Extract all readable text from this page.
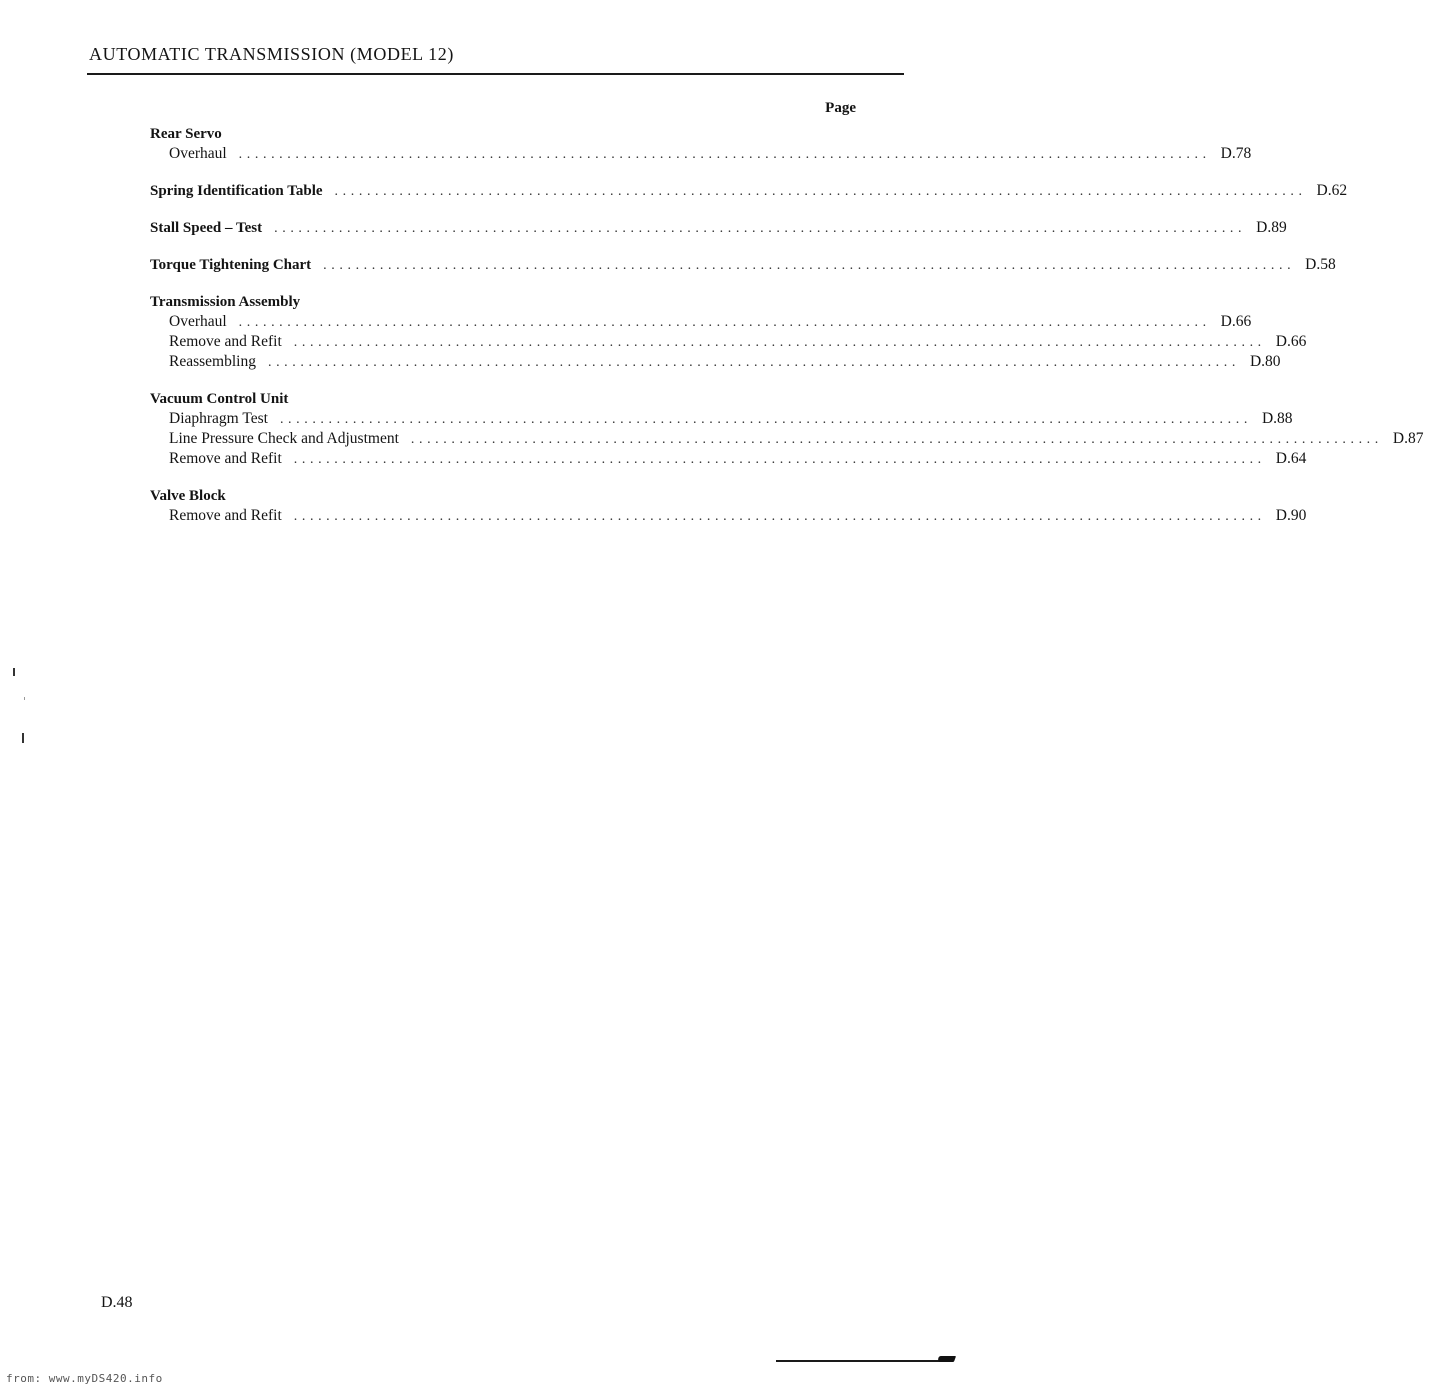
AUTOMATIC TRANSMISSION (MODEL 12)
Page
Rear Servo
Overhaul ........................................................................................................................ D.78
Spring Identification Table ........................................................................................................................ D.62
Stall Speed – Test ........................................................................................................................ D.89
Torque Tightening Chart ........................................................................................................................ D.58
Transmission Assembly
Overhaul ........................................................................................................................ D.66
Remove and Refit ........................................................................................................................ D.66
Reassembling ........................................................................................................................ D.80
Vacuum Control Unit
Diaphragm Test ........................................................................................................................ D.88
Line Pressure Check and Adjustment ........................................................................................................................ D.87
Remove and Refit ........................................................................................................................ D.64
Valve Block
Remove and Refit ........................................................................................................................ D.90
D.48
from: www.myDS420.info
